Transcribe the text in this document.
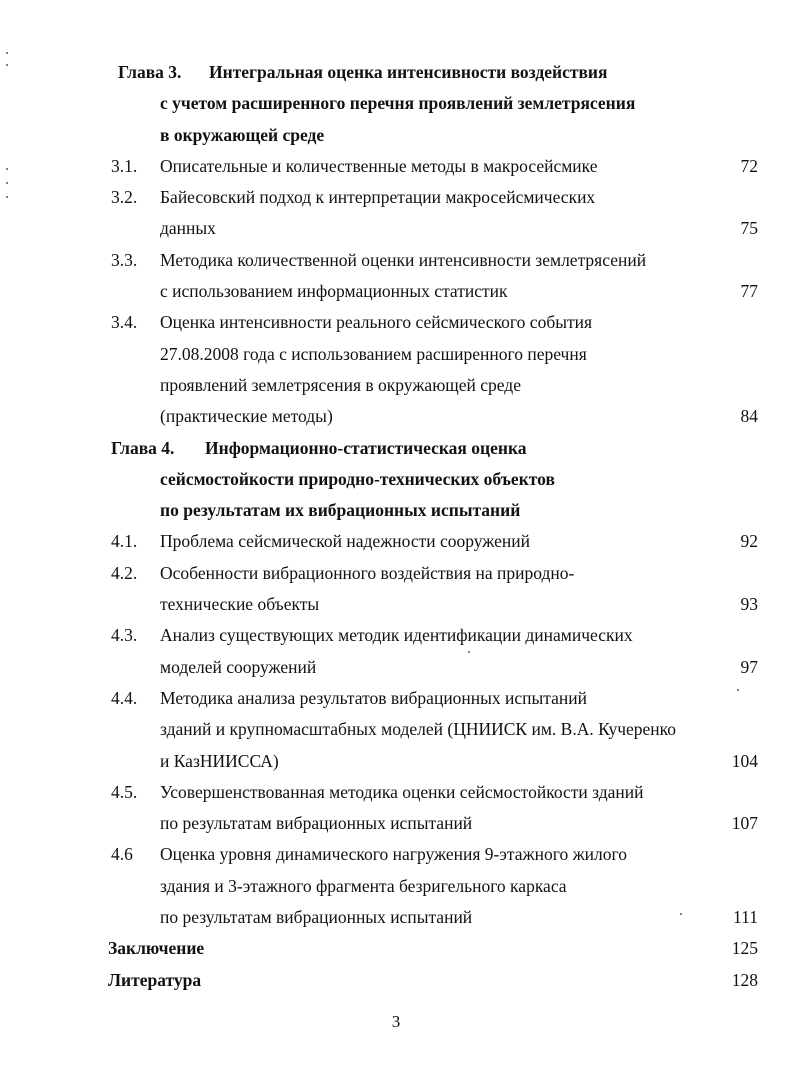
Глава 3. Интегральная оценка интенсивности воздействия
с учетом расширенного перечня проявлений землетрясения
в окружающей среде
3.1. Описательные и количественные методы в макросейсмике	72
3.2. Байесовский подход к интерпретации макросейсмических
данных	75
3.3. Методика количественной оценки интенсивности землетрясений
с использованием информационных статистик	77
3.4. Оценка интенсивности реального сейсмического события
27.08.2008 года с использованием расширенного перечня
проявлений землетрясения в окружающей среде
(практические методы)	84
Глава 4. Информационно-статистическая оценка
сейсмостойкости природно-технических объектов
по результатам их вибрационных испытаний
4.1. Проблема сейсмической надежности сооружений	92
4.2. Особенности вибрационного воздействия на природно-
технические объекты	93
4.3. Анализ существующих методик идентификации динамических
моделей сооружений	97
4.4. Методика анализа результатов вибрационных испытаний
зданий и крупномасштабных моделей (ЦНИИСК им. В.А. Кучеренко
и КазНИИССА)	104
4.5. Усовершенствованная методика оценки сейсмостойкости зданий
по результатам вибрационных испытаний	107
4.6 Оценка уровня динамического нагружения 9-этажного жилого
здания и 3-этажного фрагмента безригельного каркаса
по результатам вибрационных испытаний	111
Заключение	125
Литература	128
3
